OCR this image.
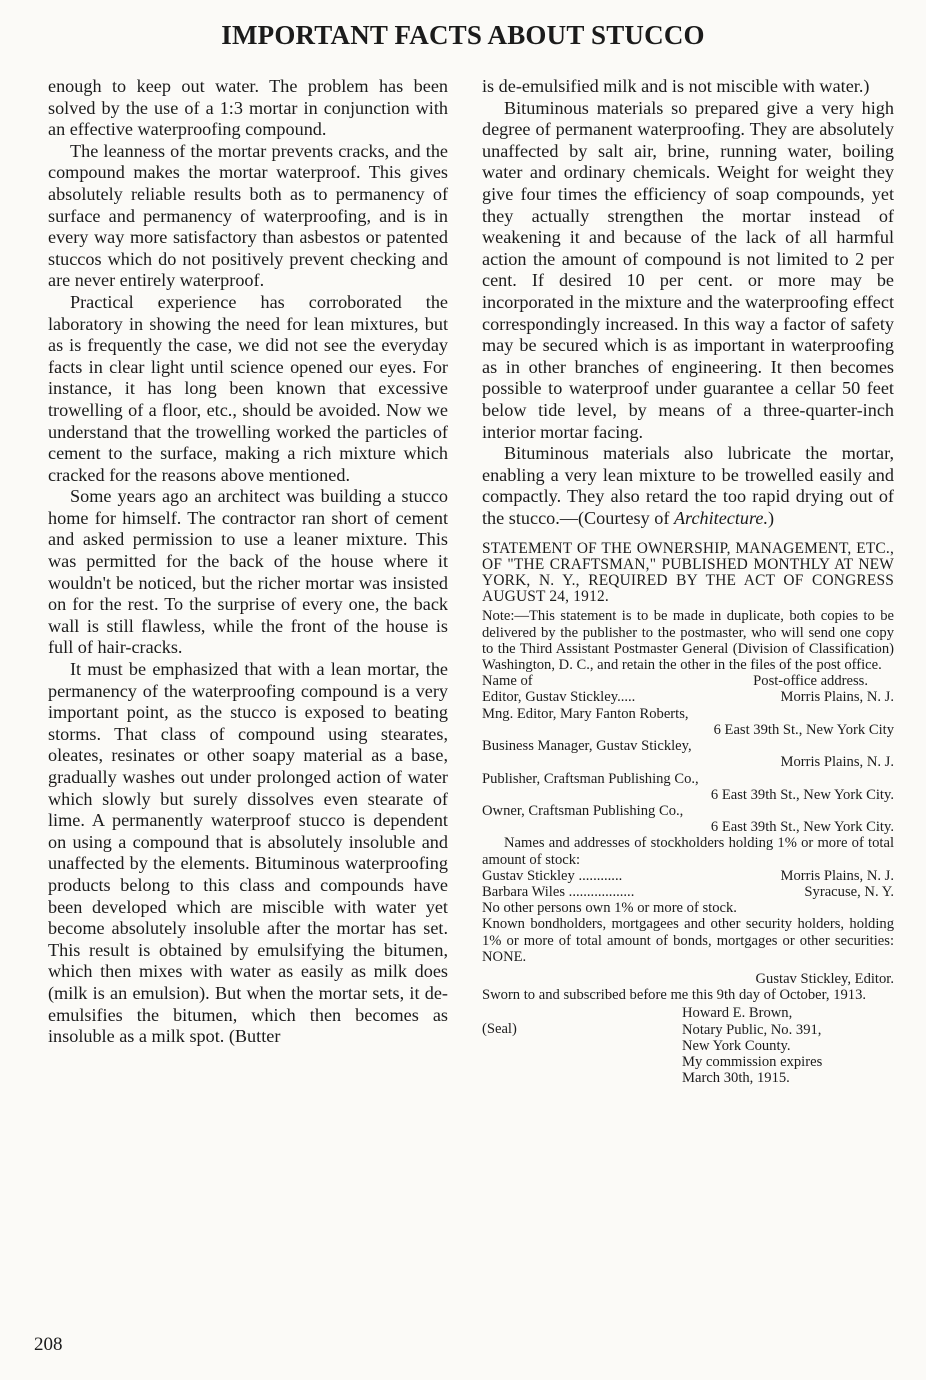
IMPORTANT FACTS ABOUT STUCCO

enough to keep out water. The problem has been solved by the use of a 1:3 mortar in conjunction with an effective waterproofing compound.

The leanness of the mortar prevents cracks, and the compound makes the mortar waterproof. This gives absolutely reliable results both as to permanency of surface and permanency of waterproofing, and is in every way more satisfactory than asbestos or patented stuccos which do not positively prevent checking and are never entirely waterproof.

Practical experience has corroborated the laboratory in showing the need for lean mixtures, but as is frequently the case, we did not see the everyday facts in clear light until science opened our eyes. For instance, it has long been known that excessive trowelling of a floor, etc., should be avoided. Now we understand that the trowelling worked the particles of cement to the surface, making a rich mixture which cracked for the reasons above mentioned.

Some years ago an architect was building a stucco home for himself. The contractor ran short of cement and asked permission to use a leaner mixture. This was permitted for the back of the house where it wouldn't be noticed, but the richer mortar was insisted on for the rest. To the surprise of every one, the back wall is still flawless, while the front of the house is full of hair-cracks.

It must be emphasized that with a lean mortar, the permanency of the waterproofing compound is a very important point, as the stucco is exposed to beating storms. That class of compound using stearates, oleates, resinates or other soapy material as a base, gradually washes out under prolonged action of water which slowly but surely dissolves even stearate of lime. A permanently waterproof stucco is dependent on using a compound that is absolutely insoluble and unaffected by the elements. Bituminous waterproofing products belong to this class and compounds have been developed which are miscible with water yet become absolutely insoluble after the mortar has set. This result is obtained by emulsifying the bitumen, which then mixes with water as easily as milk does (milk is an emulsion). But when the mortar sets, it de-emulsifies the bitumen, which then becomes as insoluble as a milk spot. (Butter

is de-emulsified milk and is not miscible with water.)

Bituminous materials so prepared give a very high degree of permanent waterproofing. They are absolutely unaffected by salt air, brine, running water, boiling water and ordinary chemicals. Weight for weight they give four times the efficiency of soap compounds, yet they actually strengthen the mortar instead of weakening it and because of the lack of all harmful action the amount of compound is not limited to 2 per cent. If desired 10 per cent. or more may be incorporated in the mixture and the waterproofing effect correspondingly increased. In this way a factor of safety may be secured which is as important in waterproofing as in other branches of engineering. It then becomes possible to waterproof under guarantee a cellar 50 feet below tide level, by means of a three-quarter-inch interior mortar facing.

Bituminous materials also lubricate the mortar, enabling a very lean mixture to be trowelled easily and compactly. They also retard the too rapid drying out of the stucco.—(Courtesy of Architecture.)

STATEMENT OF THE OWNERSHIP, MANAGEMENT, ETC., OF "THE CRAFTSMAN," PUBLISHED MONTHLY AT NEW YORK, N. Y., REQUIRED BY THE ACT OF CONGRESS AUGUST 24, 1912.

Note:—This statement is to be made in duplicate, both copies to be delivered by the publisher to the postmaster, who will send one copy to the Third Assistant Postmaster General (Division of Classification) Washington, D. C., and retain the other in the files of the post office.

Name of	Post-office address.
Editor, Gustav Stickley.....	Morris Plains, N. J.
Mng. Editor, Mary Fanton Roberts,
6 East 39th St., New York City
Business Manager, Gustav Stickley,
Morris Plains, N. J.
Publisher, Craftsman Publishing Co.,
6 East 39th St., New York City.
Owner, Craftsman Publishing Co.,
6 East 39th St., New York City.

Names and addresses of stockholders holding 1% or more of total amount of stock:

Gustav Stickley ............	Morris Plains, N. J.
Barbara Wiles ..................	Syracuse, N. Y.
No other persons own 1% or more of stock.

Known bondholders, mortgagees and other security holders, holding 1% or more of total amount of bonds, mortgages or other securities: NONE.

Gustav Stickley, Editor.

Sworn to and subscribed before me this 9th day of October, 1913.

(Seal)
Howard E. Brown,
Notary Public, No. 391,
New York County.
My commission expires
March 30th, 1915.
208
